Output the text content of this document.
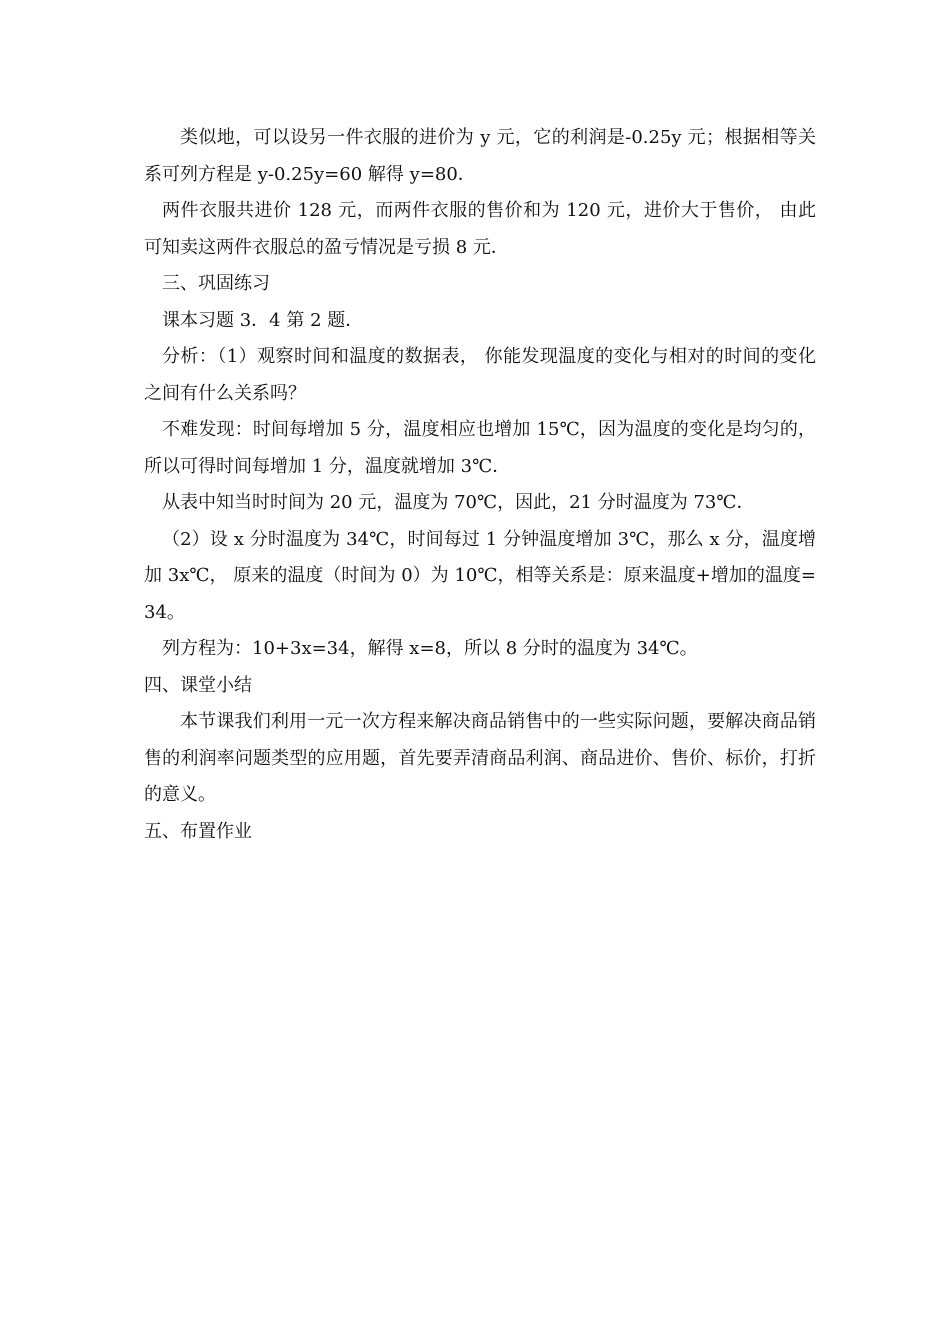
类似地，可以设另一件衣服的进价为 y 元，它的利润是-0.25y 元；根据相等关系可列方程是 y-0.25y=60 解得 y=80．

两件衣服共进价 128 元，而两件衣服的售价和为 120 元，进价大于售价， 由此可知卖这两件衣服总的盈亏情况是亏损 8 元．

三、巩固练习

课本习题 3．4 第 2 题．

分析：（1）观察时间和温度的数据表， 你能发现温度的变化与相对的时间的变化之间有什么关系吗？

不难发现：时间每增加 5 分，温度相应也增加 15℃，因为温度的变化是均匀的， 所以可得时间每增加 1 分，温度就增加 3℃．

从表中知当时时间为 20 元，温度为 70℃，因此，21 分时温度为 73℃．

（2）设 x 分时温度为 34℃，时间每过 1 分钟温度增加 3℃，那么 x 分，温度增加 3x℃， 原来的温度（时间为 0）为 10℃，相等关系是：原来温度+增加的温度=34。

列方程为：10+3x=34，解得 x=8，所以 8 分时的温度为 34℃。

四、课堂小结

本节课我们利用一元一次方程来解决商品销售中的一些实际问题，要解决商品销售的利润率问题类型的应用题，首先要弄清商品利润、商品进价、售价、标价，打折的意义。

五、布置作业
